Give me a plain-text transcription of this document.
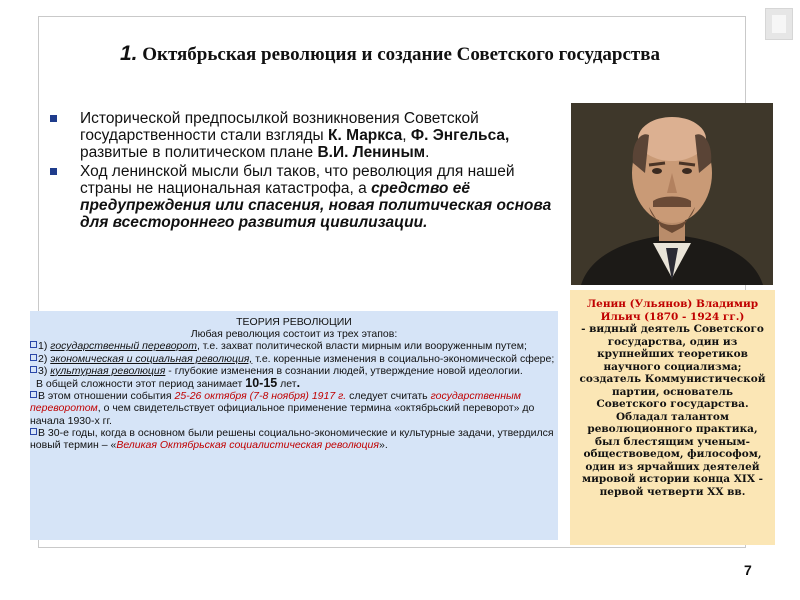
1. Октябрьская революция и создание Советского государства
Исторической предпосылкой возникновения Советской государственности стали взгляды К. Маркса, Ф. Энгельса, развитые в политическом плане В.И. Лениным.
Ход ленинской мысли был таков, что революция для нашей страны не национальная катастрофа, а средство её предупреждения или спасения, новая политическая основа для всестороннего развития цивилизации.
Ленин (Ульянов) Владимир Ильич (1870 - 1924 гг.)
- видный деятель Советского государства, один из крупнейших теоретиков научного социализма; создатель Коммунистической партии, основатель Советского государства. Обладал талантом революционного практика, был блестящим ученым-обществоведом, философом, один из ярчайших деятелей мировой истории конца XIX - первой четверти XX вв.

ТЕОРИЯ РЕВОЛЮЦИИ

Любая революция состоит из трех этапов:

1) государственный переворот, т.е. захват политической власти мирным или вооруженным путем;

2) экономическая и социальная революция, т.е. коренные изменения в социально-экономической сфере;

3) культурная революция - глубокие изменения в сознании людей, утверждение новой идеологии.

В общей сложности этот период занимает 10-15 лет.

В этом отношении события 25-26 октября (7-8 ноября) 1917 г. следует считать государственным переворотом, о чем свидетельствует официальное применение термина «октябрьский переворот» до начала 1930-х гг.

В 30-е годы, когда в основном были решены социально-экономические и культурные задачи, утвердился новый термин – «Великая Октябрьская социалистическая революция».

7
